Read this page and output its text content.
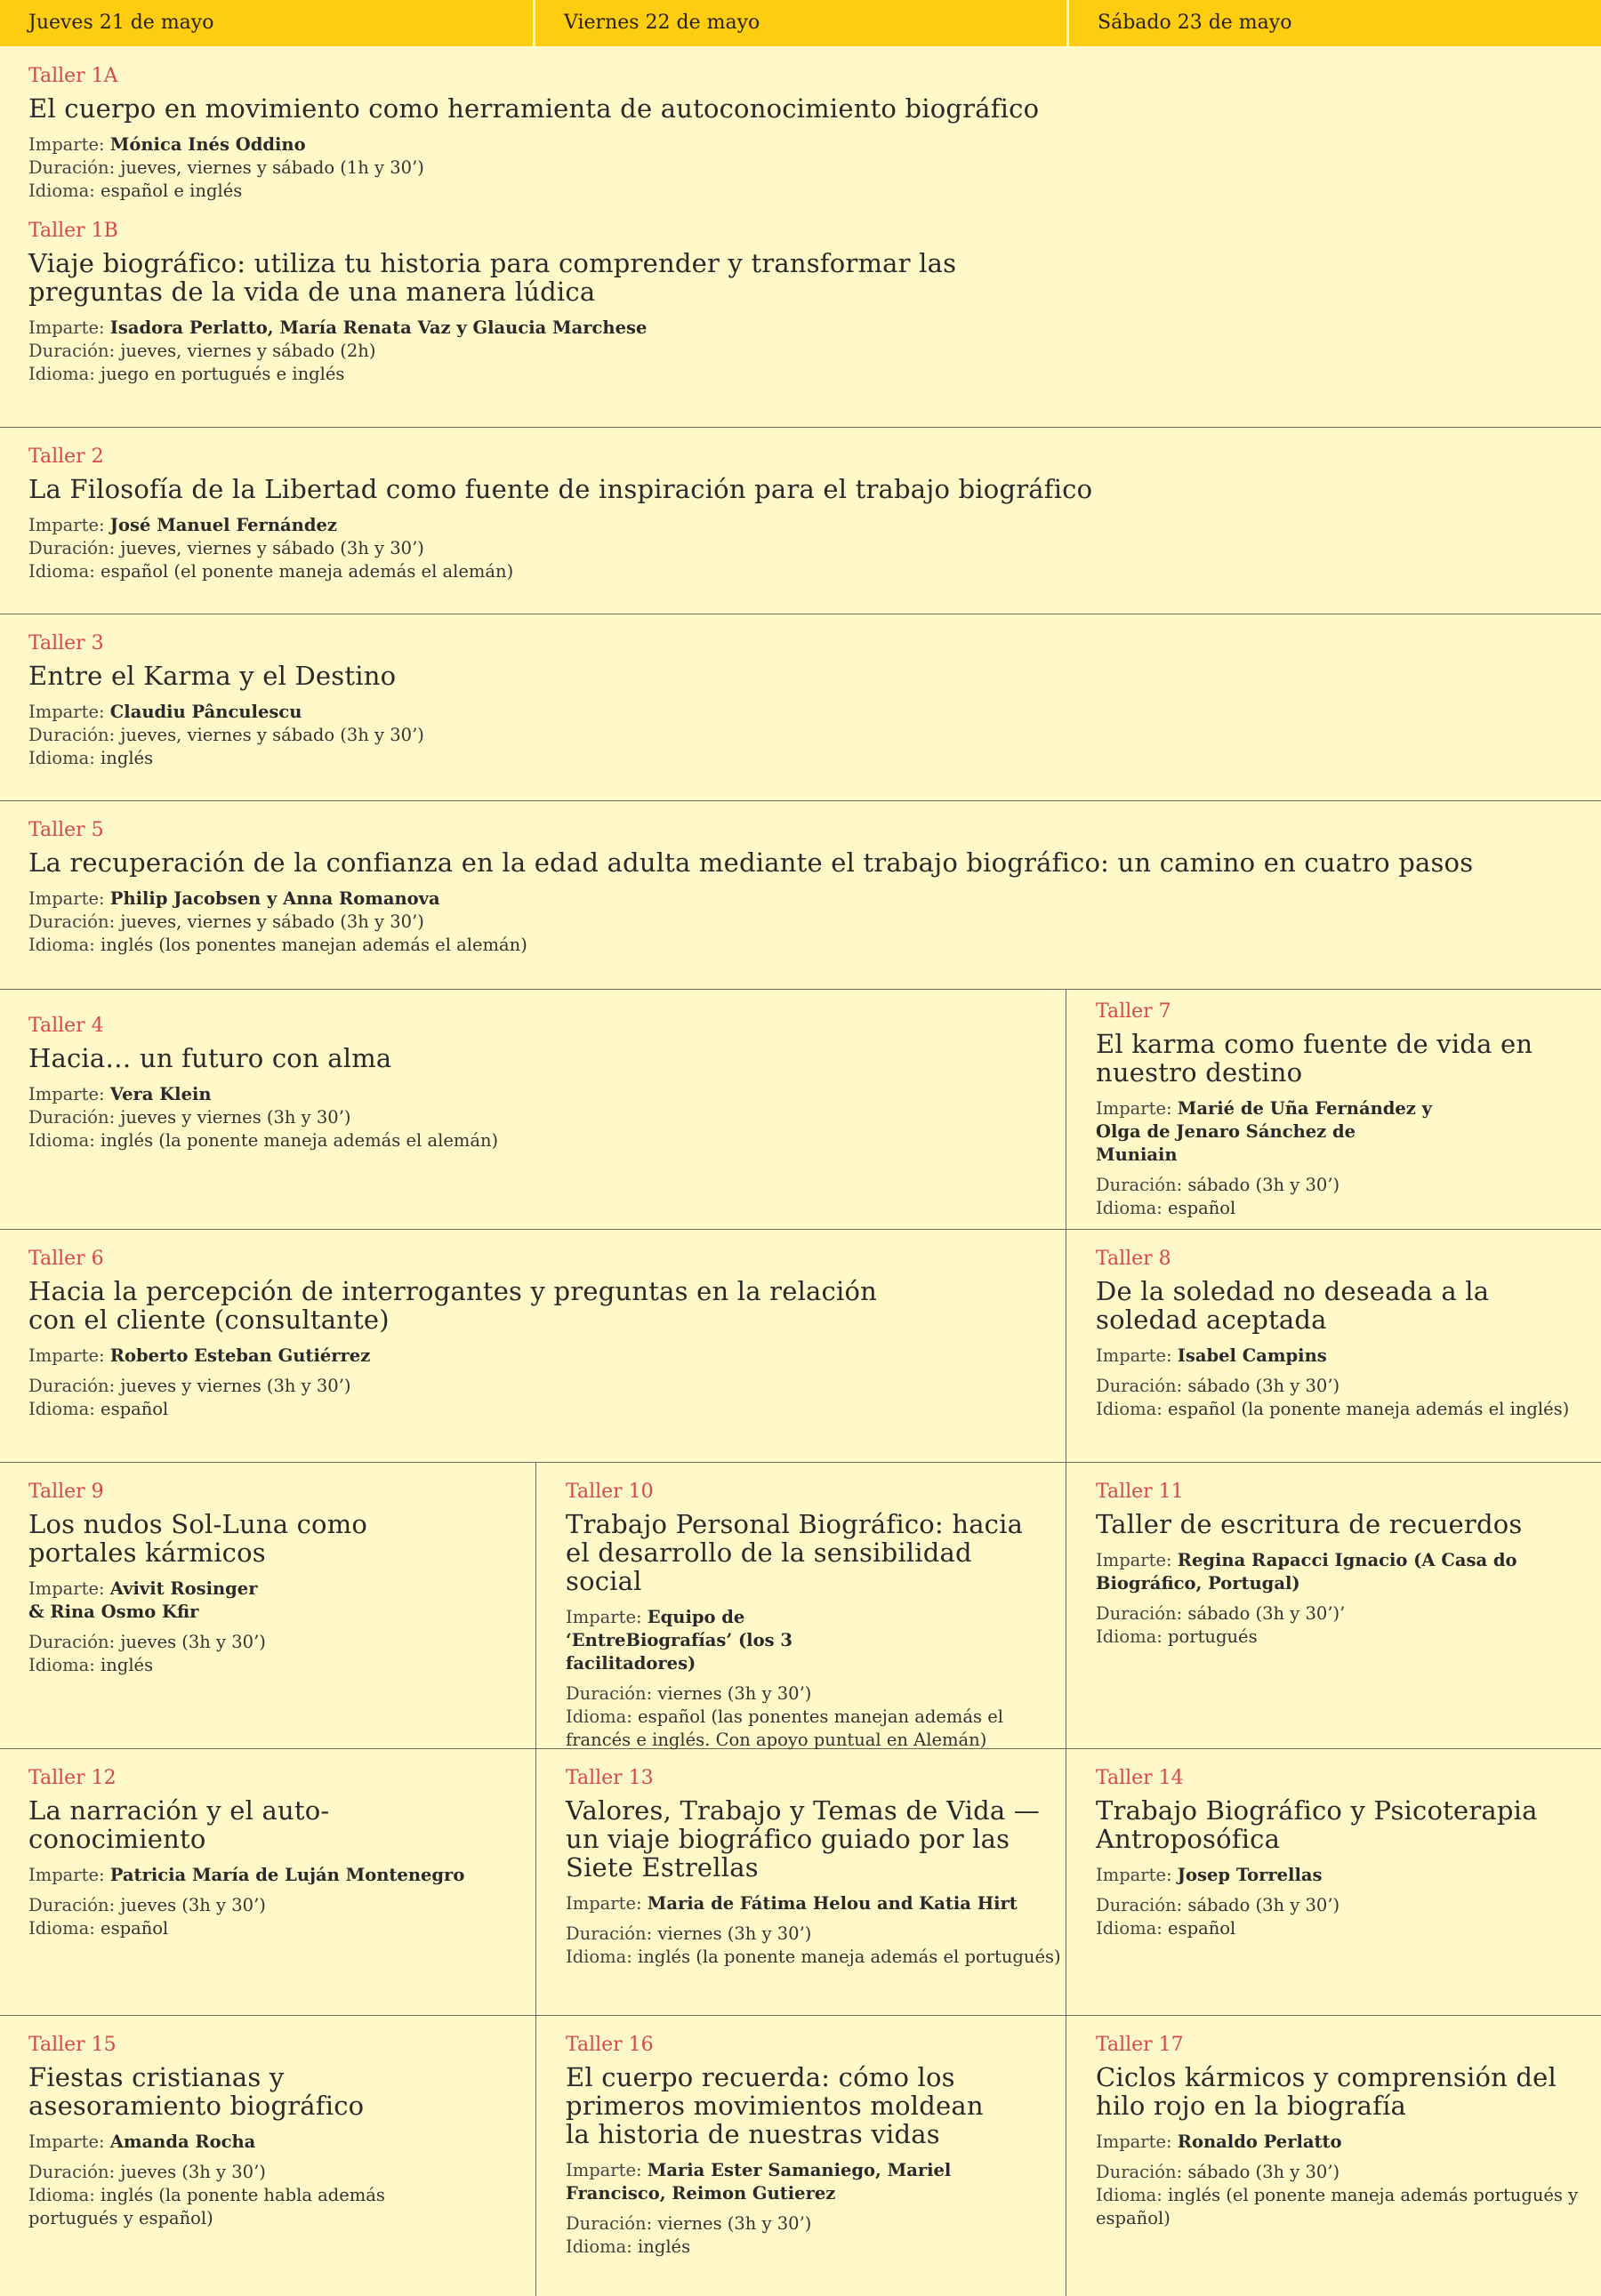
Jueves 21 de mayo	Viernes 22 de mayo	Sábado 23 de mayo
Taller 1A
El cuerpo en movimiento como herramienta de autoconocimiento biográfico
Imparte: Mónica Inés Oddino
Duración: jueves, viernes y sábado (1h y 30’)
Idioma: español e inglés
Taller 1B
Viaje biográfico: utiliza tu historia para comprender y transformar las preguntas de la vida de una manera lúdica
Imparte: Isadora Perlatto, María Renata Vaz y Glaucia Marchese
Duración: jueves, viernes y sábado (2h)
Idioma: juego en portugués e inglés
Taller 2
La Filosofía de la Libertad como fuente de inspiración para el trabajo biográfico
Imparte: José Manuel Fernández
Duración: jueves, viernes y sábado (3h y 30’)
Idioma: español (el ponente maneja además el alemán)
Taller 3
Entre el Karma y el Destino
Imparte: Claudiu Pânculescu
Duración: jueves, viernes y sábado (3h y 30’)
Idioma: inglés
Taller 5
La recuperación de la confianza en la edad adulta mediante el trabajo biográfico: un camino en cuatro pasos
Imparte: Philip Jacobsen y Anna Romanova
Duración: jueves, viernes y sábado (3h y 30’)
Idioma: inglés (los ponentes manejan además el alemán)
Taller 4
Hacia… un futuro con alma
Imparte: Vera Klein
Duración: jueves y viernes (3h y 30’)
Idioma: inglés (la ponente maneja además el alemán)
Taller 7
El karma como fuente de vida en nuestro destino
Imparte: Marié de Uña Fernández y Olga de Jenaro Sánchez de Muniain
Duración: sábado (3h y 30’)
Idioma: español
Taller 6
Hacia la percepción de interrogantes y preguntas en la relación con el cliente (consultante)
Imparte: Roberto Esteban Gutiérrez
Duración: jueves y viernes (3h y 30’)
Idioma: español
Taller 8
De la soledad no deseada a la soledad aceptada
Imparte: Isabel Campins
Duración: sábado (3h y 30’)
Idioma: español (la ponente maneja además el inglés)
Taller 9
Los nudos Sol-Luna como portales kármicos
Imparte: Avivit Rosinger & Rina Osmo Kfir
Duración: jueves (3h y 30’)
Idioma: inglés
Taller 10
Trabajo Personal Biográfico: hacia el desarrollo de la sensibilidad social
Imparte: Equipo de ‘EntreBiografías’ (los 3 facilitadores)
Duración: viernes (3h y 30’)
Idioma: español (las ponentes manejan además el francés e inglés. Con apoyo puntual en Alemán)
Taller 11
Taller de escritura de recuerdos
Imparte: Regina Rapacci Ignacio (A Casa do Biográfico, Portugal)
Duración: sábado (3h y 30’)’
Idioma: portugués
Taller 12
La narración y el auto-conocimiento
Imparte: Patricia María de Luján Montenegro
Duración: jueves (3h y 30’)
Idioma: español
Taller 13
Valores, Trabajo y Temas de Vida — un viaje biográfico guiado por las Siete Estrellas
Imparte: Maria de Fátima Helou and Katia Hirt
Duración: viernes (3h y 30’)
Idioma: inglés (la ponente maneja además el portugués)
Taller 14
Trabajo Biográfico y Psicoterapia Antroposófica
Imparte: Josep Torrellas
Duración: sábado (3h y 30’)
Idioma: español
Taller 15
Fiestas cristianas y asesoramiento biográfico
Imparte: Amanda Rocha
Duración: jueves (3h y 30’)
Idioma: inglés (la ponente habla además portugués y español)
Taller 16
El cuerpo recuerda: cómo los primeros movimientos moldean la historia de nuestras vidas
Imparte: Maria Ester Samaniego, Mariel Francisco, Reimon Gutierez
Duración: viernes (3h y 30’)
Idioma: inglés
Taller 17
Ciclos kármicos y comprensión del hilo rojo en la biografía
Imparte: Ronaldo Perlatto
Duración: sábado (3h y 30’)
Idioma: inglés (el ponente maneja además portugués y español)
